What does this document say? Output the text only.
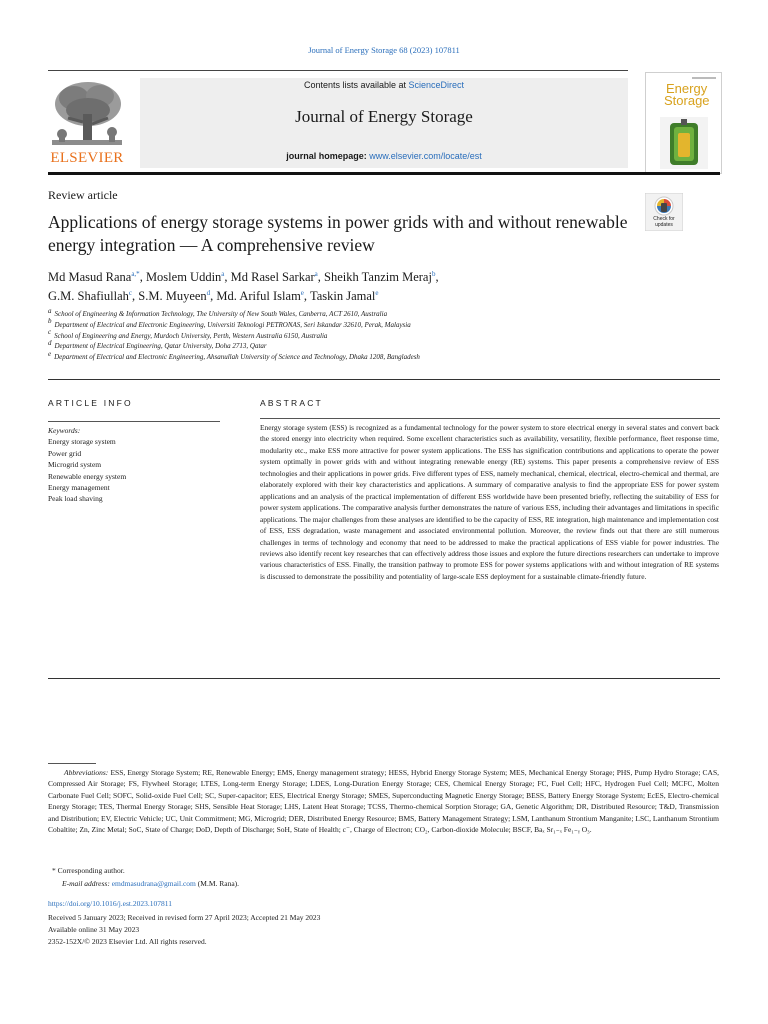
Journal of Energy Storage 68 (2023) 107811
ELSEVIER
Contents lists available at ScienceDirect
Journal of Energy Storage
journal homepage: www.elsevier.com/locate/est
Energy
Storage
Review article
Check for updates
Applications of energy storage systems in power grids with and without renewable energy integration — A comprehensive review
Md Masud Rana$^{a,*}$, Moslem Uddin$^a$, Md Rasel Sarkar$^a$, Sheikh Tanzim Meraj$^b$,
G.M. Shafiullah$^c$, S.M. Muyeen$^d$, Md. Ariful Islam$^e$, Taskin Jamal$^e$
$^a$ School of Engineering & Information Technology, The University of New South Wales, Canberra, ACT 2610, Australia
$^b$ Department of Electrical and Electronic Engineering, Universiti Teknologi PETRONAS, Seri Iskandar 32610, Perak, Malaysia
$^c$ School of Engineering and Energy, Murdoch University, Perth, Western Australia 6150, Australia
$^d$ Department of Electrical Engineering, Qatar University, Doha 2713, Qatar
$^e$ Department of Electrical and Electronic Engineering, Ahsanullah University of Science and Technology, Dhaka 1208, Bangladesh
ARTICLE INFO
Keywords:
Energy storage system
Power grid
Microgrid system
Renewable energy system
Energy management
Peak load shaving
ABSTRACT
Energy storage system (ESS) is recognized as a fundamental technology for the power system to store electrical energy in several states and convert back the stored energy into electricity when required. Some excellent characteristics such as availability, versatility, flexible performance, fleet response time, modularity etc., make ESS more attractive for power system applications. The ESS has signification contributions and applications to operate the power system optimally in power grids with and without integrating renewable energy (RE) systems. This paper presents a comprehensive review of ESS technologies and their applications in power grids. Five different types of ESS, namely mechanical, chemical, electrical, electro-chemical and thermal, are elaborately explored with their key characteristics and applications. A summary of comparative analysis to find the appropriate ESS for power system applications and an analysis of the practical implementation of different ESS worldwide have been presented briefly, reflecting the suitability of ESS for power system applications. The comparative analysis further demonstrates the nature of various ESS, including their advantages and limitations in specific applications. The major challenges from these analyses are identified to be the capacity of ESS, RE integration, high maintenance and implementation cost of ESS, ESS degradation, waste management and associated environmental pollution. Moreover, the review finds out that there are still numerous challenges in terms of technology and economy that need to be addressed to make the practical applications of ESS viable for power industries. The reviews also identify recent key researches that can effectively address those issues and explore the future directions researchers can undertake to improve various characteristics of ESS. Finally, the transition pathway to promote ESS for power systems applications with and without integration of RE systems is discussed to demonstrate the possibility and potentiality of large-scale ESS deployment for a sustainable climate-friendly future.
Abbreviations: ESS, Energy Storage System; RE, Renewable Energy; EMS, Energy management strategy; HESS, Hybrid Energy Storage System; MES, Mechanical Energy Storage; PHS, Pump Hydro Storage; CAS, Compressed Air Storage; FS, Flywheel Storage; LTES, Long-term Energy Storage; LDES, Long-Duration Energy Storage; CES, Chemical Energy Storage; FC, Fuel Cell; HFC, Hydrogen Fuel Cell; MCFC, Molten Carbonate Fuel Cell; SOFC, Solid-oxide Fuel Cell; SC, Super-capacitor; EES, Electrical Energy Storage; SMES, Superconducting Magnetic Energy Storage; BESS, Battery Energy Storage System; EcES, Electro-chemical Energy Storage; TES, Thermal Energy Storage; SHS, Sensible Heat Storage; LHS, Latent Heat Storage; TCSS, Thermo-chemical Sorption Storage; GA, Genetic Algorithm; DR, Distributed Resource; T&D, Transmission and Distribution; EV, Electric Vehicle; UC, Unit Commitment; MG, Microgrid; DER, Distributed Energy Resource; BMS, Battery Management Strategy; LSM, Lanthanum Strontium Manganite; LSC, Lanthanum Strontium Cobaltite; Zn, Zinc Metal; SoC, State of Charge; DoD, Depth of Discharge; SoH, State of Health; c⁻, Charge of Electron; CO₂, Carbon-dioxide Molecule; BSCF, Baₓ Sr₁₋ₓ Fe₁₋ᵧ O₃.
* Corresponding author.
E-mail address: emdmasudrana@gmail.com (M.M. Rana).
https://doi.org/10.1016/j.est.2023.107811
Received 5 January 2023; Received in revised form 27 April 2023; Accepted 21 May 2023
Available online 31 May 2023
2352-152X/© 2023 Elsevier Ltd. All rights reserved.
